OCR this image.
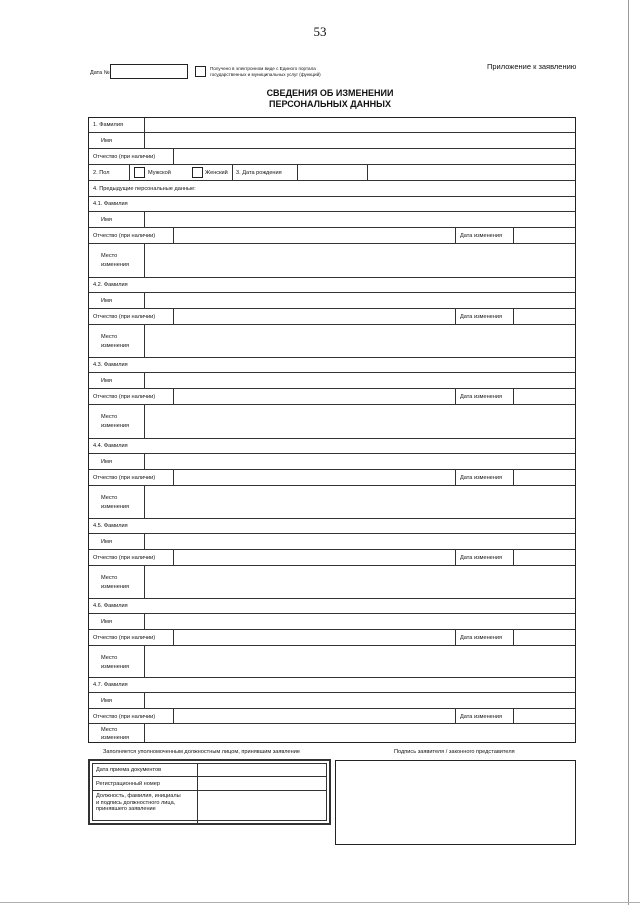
53
Дата №
Получено в электронном виде с Единого портала государственных и муниципальных услуг (функций)
Приложение к заявлению
СВЕДЕНИЯ ОБ ИЗМЕНЕНИИ
ПЕРСОНАЛЬНЫХ ДАННЫХ
1. Фамилия
Имя
Отчество (при наличии)
2. Пол	Мужской	Женский 3. Дата рождения
4. Предыдущие персональные данные:
4.1. Фамилия
Имя
Отчество (при наличии)	Дата изменения
Место
изменения
4.2. Фамилия
Имя
Отчество (при наличии)	Дата изменения
Место
изменения
4.3. Фамилия
Имя
Отчество (при наличии)	Дата изменения
Место
изменения
4.4. Фамилия
Имя
Отчество (при наличии)	Дата изменения
Место
изменения
4.5. Фамилия
Имя
Отчество (при наличии)	Дата изменения
Место
изменения
4.6. Фамилия
Имя
Отчество (при наличии)	Дата изменения
Место
изменения
4.7. Фамилия
Имя
Отчество (при наличии)	Дата изменения
Место
изменения
Заполняется уполномоченным должностным лицом, принявшим заявление	Подпись заявителя / законного представителя
Дата приема документов
Регистрационный номер
Должность, фамилия, инициалы
и подпись должностного лица,
принявшего заявление
